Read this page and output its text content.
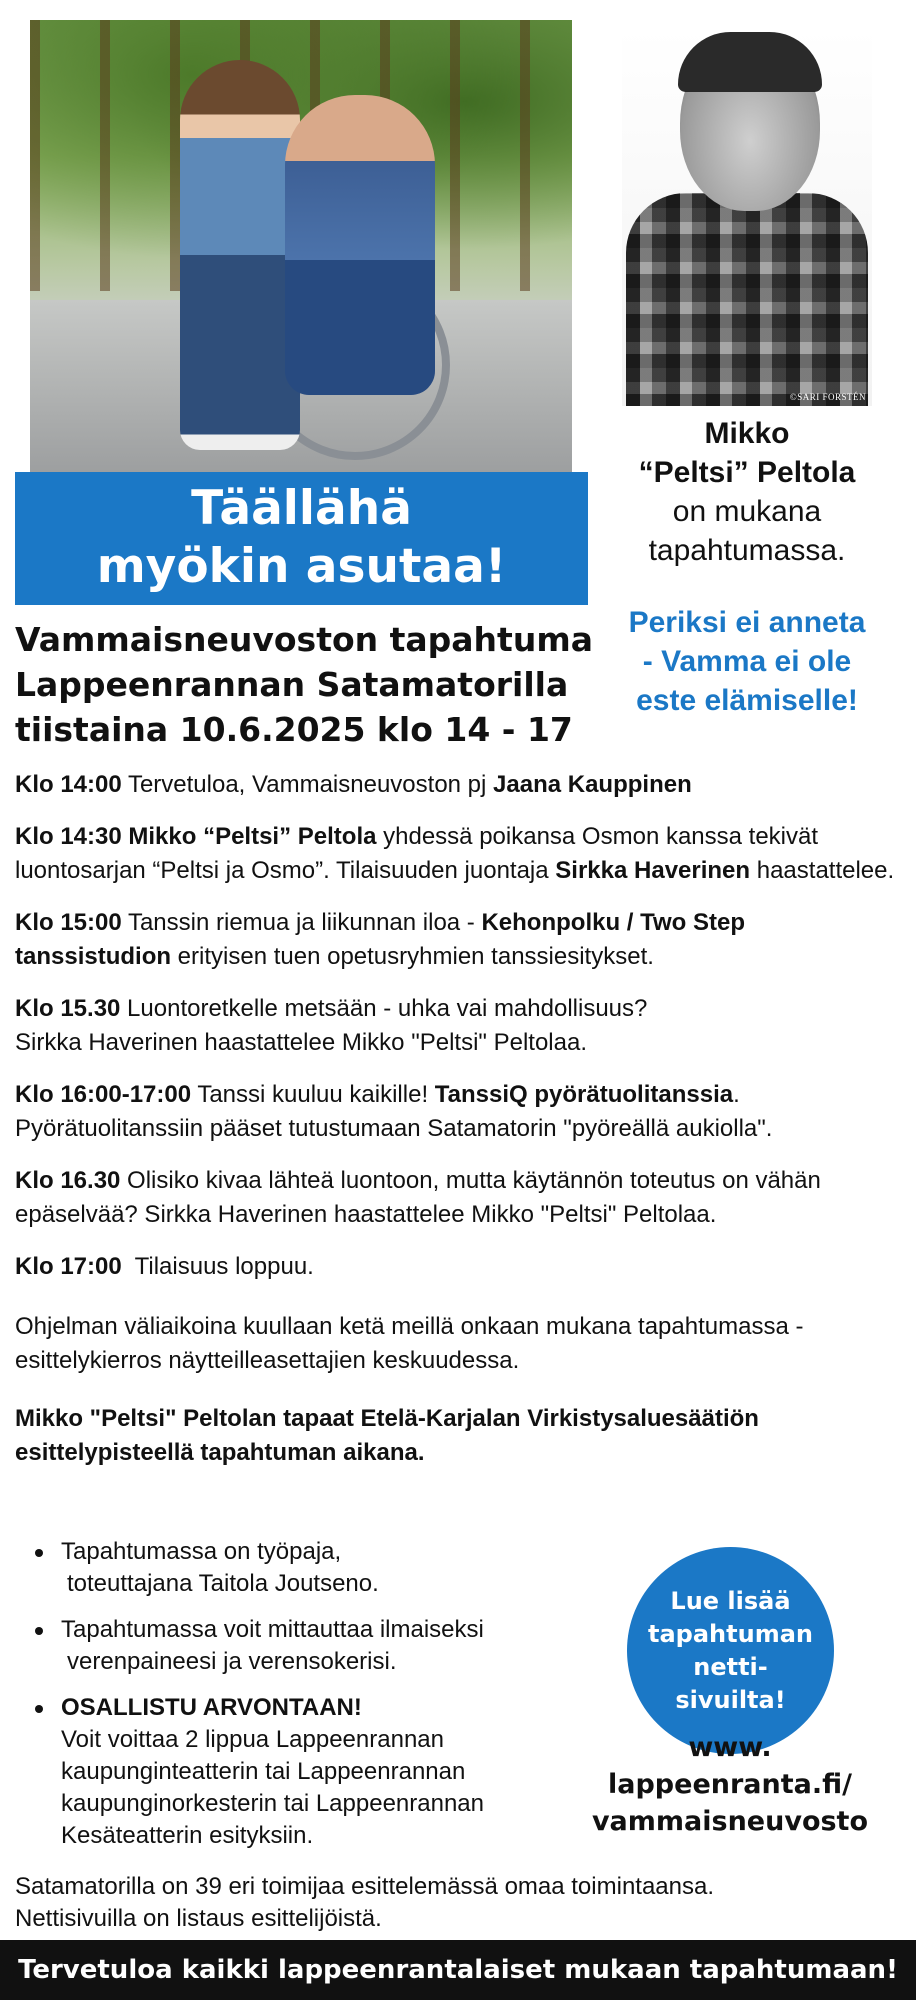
©SARI FORSTÉN
Täällähä
myökin asutaa!
Mikko
“Peltsi” Peltola
on mukana
tapahtumassa.
Periksi ei anneta
- Vamma ei ole
este elämiselle!
Vammaisneuvoston tapahtuma
Lappeenrannan Satamatorilla
tiistaina 10.6.2025 klo 14 - 17

Klo 14:00 Tervetuloa, Vammaisneuvoston pj Jaana Kauppinen

Klo 14:30 Mikko “Peltsi” Peltola yhdessä poikansa Osmon kanssa tekivät luontosarjan “Peltsi ja Osmo”. Tilaisuuden juontaja Sirkka Haverinen haastattelee.

Klo 15:00 Tanssin riemua ja liikunnan iloa - Kehonpolku / Two Step tanssistudion erityisen tuen opetusryhmien tanssiesitykset.

Klo 15.30 Luontoretkelle metsään - uhka vai mahdollisuus?
Sirkka Haverinen haastattelee Mikko "Peltsi" Peltolaa.

Klo 16:00-17:00 Tanssi kuuluu kaikille! TanssiQ pyörätuolitanssia.
Pyörätuolitanssiin pääset tutustumaan Satamatorin "pyöreällä aukiolla".

Klo 16.30 Olisiko kivaa lähteä luontoon, mutta käytännön toteutus on vähän epäselvää? Sirkka Haverinen haastattelee Mikko "Peltsi" Peltolaa.

Klo 17:00  Tilaisuus loppuu.

Ohjelman väliaikoina kuullaan ketä meillä onkaan mukana tapahtumassa - esittelykierros näytteilleasettajien keskuudessa.

Mikko "Peltsi" Peltolan tapaat Etelä-Karjalan Virkistysaluesäätiön esittelypisteellä tapahtuman aikana.

Tapahtumassa on työpaja,

toteuttajana Taitola Joutseno.
Tapahtumassa voit mittauttaa ilmaiseksi

verenpaineesi ja verensokerisi.
OSALLISTU ARVONTAAN!
Voit voittaa 2 lippua Lappeenrannan
kaupunginteatterin tai Lappeenrannan
kaupunginorkesterin tai Lappeenrannan
Kesäteatterin esityksiin.
Lue lisää
tapahtuman
netti-
sivuilta!
www.
lappeenranta.fi/
vammaisneuvosto
Satamatorilla on 39 eri toimijaa esittelemässä omaa toimintaansa.
Nettisivuilla on listaus esittelijöistä.
Tervetuloa kaikki lappeenrantalaiset mukaan tapahtumaan!
